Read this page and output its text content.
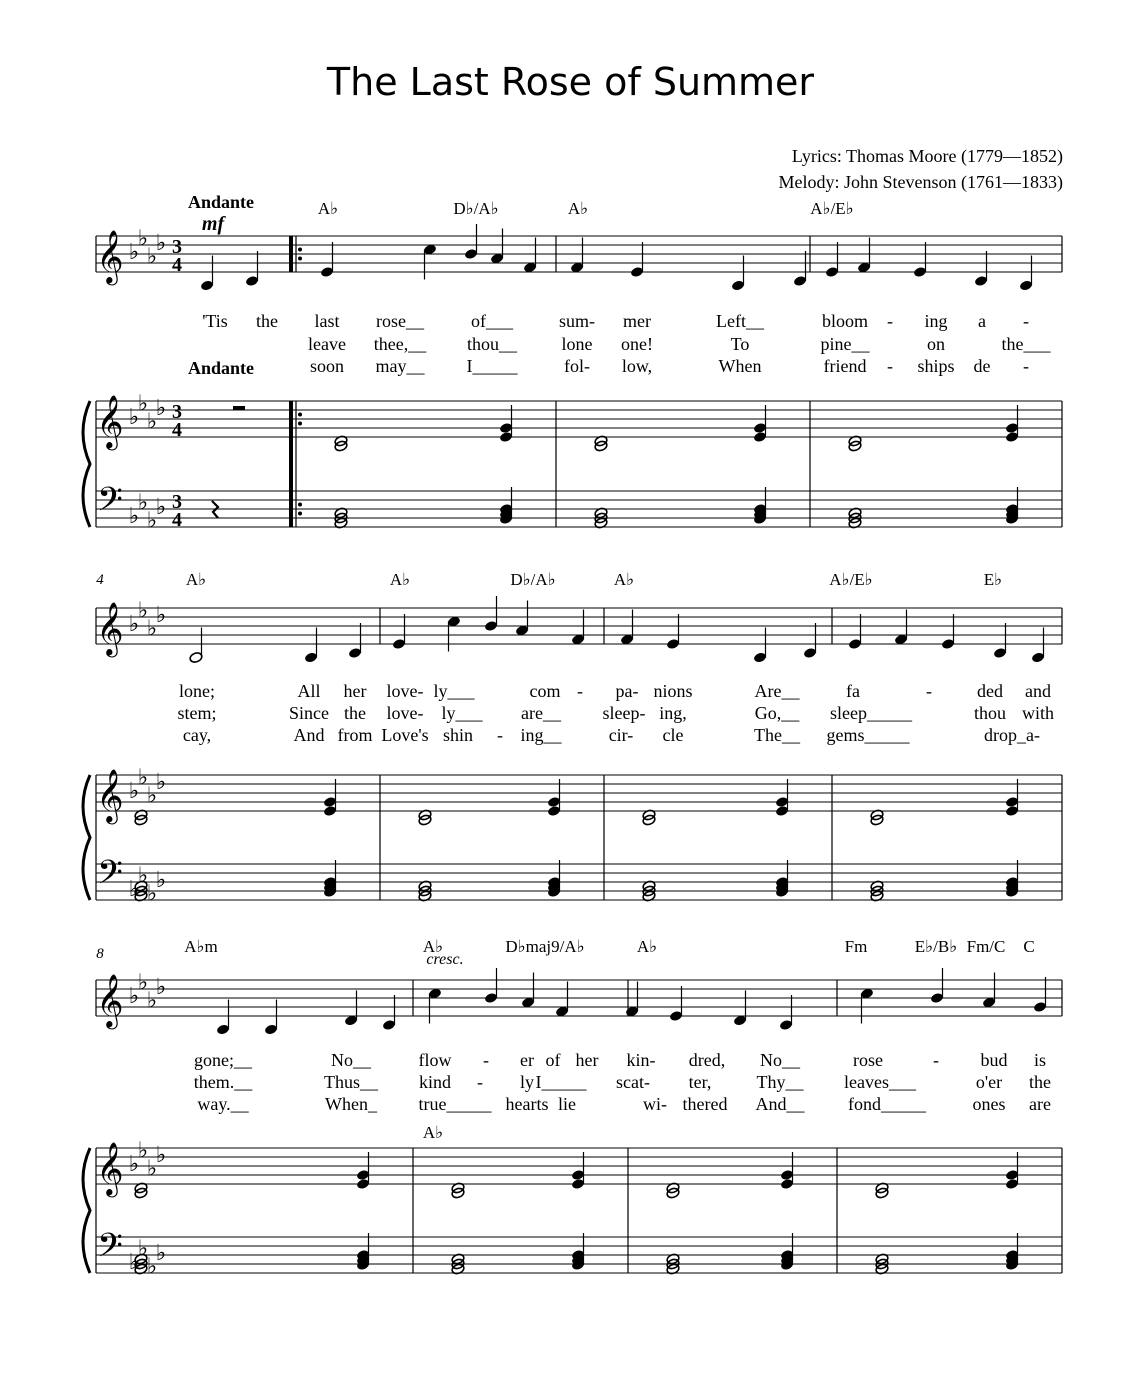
The Last Rose of Summer
Lyrics: Thomas Moore (1779—1852)
Melody: John Stevenson (1761—1833)
𝄞 ♭
♭
♭
♭ 3
4
𝄞 ♭
♭
♭
♭ 3
4
𝄢 ♭
♭
♭
♭ 3
4
Andante
Andante
mf
A♭	D♭/A♭	A♭	A♭/E♭
'Tis the last rose__	of___	sum- mer	Left__	bloom - ing a -
leave thee,__ thou__ lone one!	To	pine__	on	the___
soon may__ I_____	fol- low,	When	friend - ships de -
𝄞 ♭
♭
♭
♭
𝄞 ♭
♭
♭
♭
𝄢 ♭
♭
♭
♭
4	A♭	A♭	D♭/A♭	A♭	A♭/E♭	E♭
lone;	All her love- ly___	com - pa- nions	Are__	fa	-	ded and
stem;	Since the love- ly___ are__ sleep- ing,	Go,__ sleep_____	thou with
cay,	And from Love's shin - ing__	cir- cle	The__ gems_____	drop_a-
𝄞 ♭
♭
♭
♭
𝄞 ♭
♭
♭
♭
𝄢 ♭
♭
♭
♭
8	cresc.
A♭m	A♭	D♭maj9/A♭	A♭	Fm	E♭/B♭ Fm/C C
A♭
gone;__	No__	flow - er of her kin- dred, No__	rose	- bud is
them.__	Thus__ kind - ly I_____ scat- ter,	Thy__ leaves___	o'er the
way.__	When_ true_____ hearts lie	wi- thered And__ fond_____	ones are
